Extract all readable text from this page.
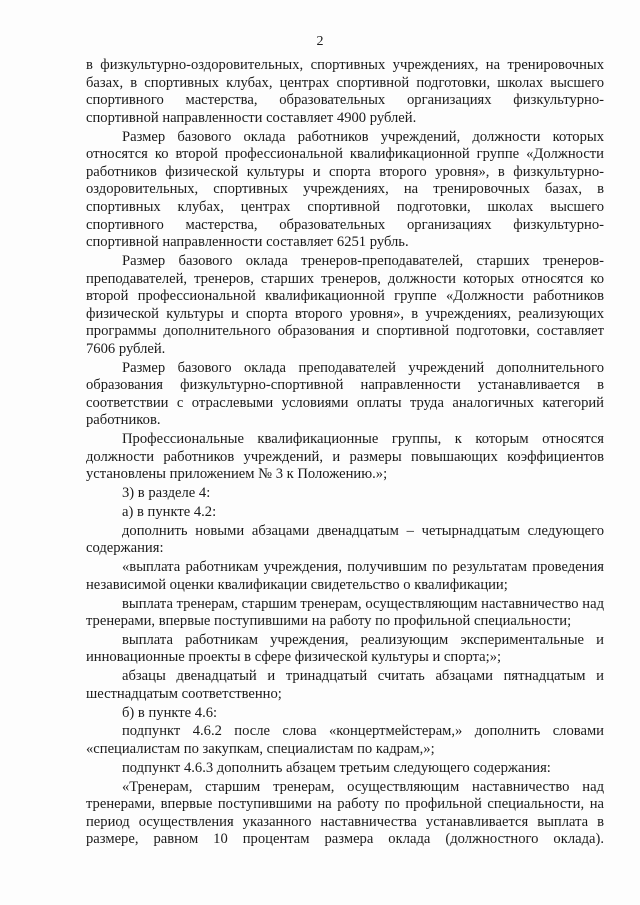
2

в физкультурно-оздоровительных, спортивных учреждениях, на тренировочных базах, в спортивных клубах, центрах спортивной подготовки, школах высшего спортивного мастерства, образовательных организациях физкультурно-спортивной направленности составляет 4900 рублей.

Размер базового оклада работников учреждений, должности которых относятся ко второй профессиональной квалификационной группе «Должности работников физической культуры и спорта второго уровня», в физкультурно-оздоровительных, спортивных учреждениях, на тренировочных базах, в спортивных клубах, центрах спортивной подготовки, школах высшего спортивного мастерства, образовательных организациях физкультурно-спортивной направленности составляет 6251 рубль.

Размер базового оклада тренеров-преподавателей, старших тренеров-преподавателей, тренеров, старших тренеров, должности которых относятся ко второй профессиональной квалификационной группе «Должности работников физической культуры и спорта второго уровня», в учреждениях, реализующих программы дополнительного образования и спортивной подготовки, составляет 7606 рублей.

Размер базового оклада преподавателей учреждений дополнительного образования физкультурно-спортивной направленности устанавливается в соответствии с отраслевыми условиями оплаты труда аналогичных категорий работников.

Профессиональные квалификационные группы, к которым относятся должности работников учреждений, и размеры повышающих коэффициентов установлены приложением № 3 к Положению.»;

3) в разделе 4:

а) в пункте 4.2:

дополнить новыми абзацами двенадцатым – четырнадцатым следующего содержания:

«выплата работникам учреждения, получившим по результатам проведения независимой оценки квалификации свидетельство о квалификации;

выплата тренерам, старшим тренерам, осуществляющим наставничество над тренерами, впервые поступившими на работу по профильной специальности;

выплата работникам учреждения, реализующим экспериментальные и инновационные проекты в сфере физической культуры и спорта;»;

абзацы двенадцатый и тринадцатый считать абзацами пятнадцатым и шестнадцатым соответственно;

б) в пункте 4.6:

подпункт 4.6.2 после слова «концертмейстерам,» дополнить словами «специалистам по закупкам, специалистам по кадрам,»;

подпункт 4.6.3 дополнить абзацем третьим следующего содержания:

«Тренерам, старшим тренерам, осуществляющим наставничество над тренерами, впервые поступившими на работу по профильной специальности, на период осуществления указанного наставничества устанавливается выплата в размере, равном 10 процентам размера оклада (должностного оклада).
